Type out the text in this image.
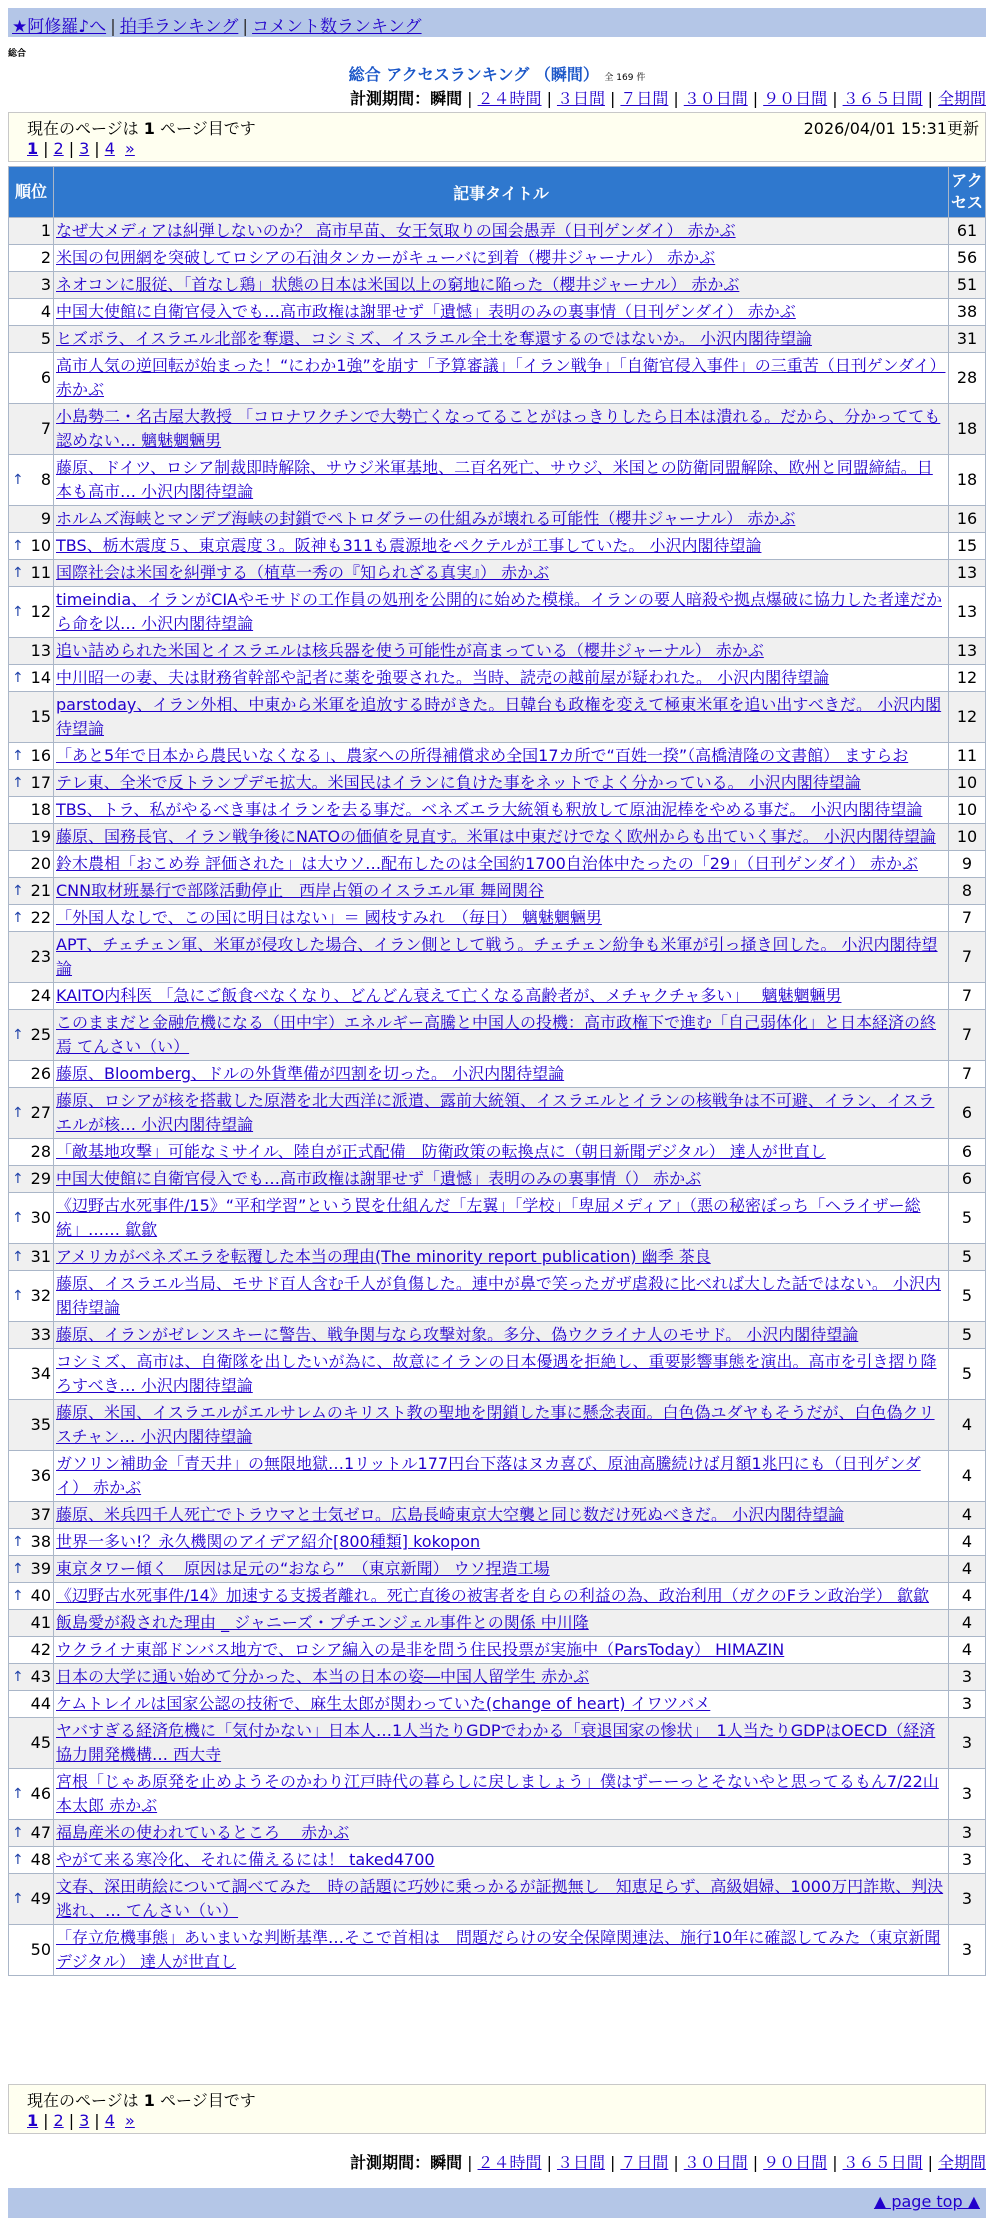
★阿修羅♪へ | 拍手ランキング | コメント数ランキング
総合
総合 アクセスランキング （瞬間） 全 169 件
計測期間：瞬間 | ２４時間 | ３日間 | ７日間 | ３０日間 | ９０日間 | ３６５日間 | 全期間
現在のページは 1 ページ目です	2026/04/01 15:31更新
1 | 2 | 3 | 4 »
順位	記事タイトル	アクセス
1	なぜ大メディアは糾弾しないのか？ 高市早苗、女王気取りの国会愚弄（日刊ゲンダイ） 赤かぶ	61
2	米国の包囲網を突破してロシアの石油タンカーがキューバに到着（櫻井ジャーナル） 赤かぶ	56
3	ネオコンに服従、「首なし鶏」状態の日本は米国以上の窮地に陥った（櫻井ジャーナル） 赤かぶ	51
4	中国大使館に自衛官侵入でも…高市政権は謝罪せず「遺憾」表明のみの裏事情（日刊ゲンダイ） 赤かぶ	38
5	ヒズボラ、イスラエル北部を奪還、コシミズ、イスラエル全土を奪還するのではないか。 小沢内閣待望論	31
6	高市人気の逆回転が始まった！“にわか1強”を崩す「予算審議」「イラン戦争」「自衛官侵入事件」の三重苦（日刊ゲンダイ） 赤かぶ	28
7	小島勢二・名古屋大教授 「コロナワクチンで大勢亡くなってることがはっきりしたら日本は潰れる。だから、分かってても認めない… 魑魅魍魎男	18

↑ 8	藤原、ドイツ、ロシア制裁即時解除、サウジ米軍基地、二百名死亡、サウジ、米国との防衛同盟解除、欧州と同盟締結。日本も高市… 小沢内閣待望論	18
9	ホルムズ海峡とマンデブ海峡の封鎖でペトロダラーの仕組みが壊れる可能性（櫻井ジャーナル） 赤かぶ	16

↑ 10	TBS、栃木震度５、東京震度３。阪神も311も震源地をペクテルが工事していた。 小沢内閣待望論	15

↑ 11	国際社会は米国を糾弾する（植草一秀の『知られざる真実』） 赤かぶ	13

↑ 12	timeindia、イランがCIAやモサドの工作員の処刑を公開的に始めた模様。イランの要人暗殺や拠点爆破に協力した者達だから命を以… 小沢内閣待望論	13
13	追い詰められた米国とイスラエルは核兵器を使う可能性が高まっている（櫻井ジャーナル） 赤かぶ	13

↑ 14	中川昭一の妻、夫は財務省幹部や記者に薬を強要された。当時、読売の越前屋が疑われた。 小沢内閣待望論	12
15	parstoday、イラン外相、中東から米軍を追放する時がきた。日韓台も政権を変えて極東米軍を追い出すべきだ。 小沢内閣待望論	12

↑ 16	「あと5年で日本から農民いなくなる」、農家への所得補償求め全国17カ所で“百姓一揆”（高橋清隆の文書館） ますらお	11

↑ 17	テレ東、全米で反トランプデモ拡大。米国民はイランに負けた事をネットでよく分かっている。 小沢内閣待望論	10
18	TBS、トラ、私がやるべき事はイランを去る事だ。ベネズエラ大統領も釈放して原油泥棒をやめる事だ。 小沢内閣待望論	10
19	藤原、国務長官、イラン戦争後にNATOの価値を見直す。米軍は中東だけでなく欧州からも出ていく事だ。 小沢内閣待望論	10
20	鈴木農相「おこめ券 評価された」は大ウソ…配布したのは全国約1700自治体中たったの「29」（日刊ゲンダイ） 赤かぶ	9

↑ 21	CNN取材班暴行で部隊活動停止　西岸占領のイスラエル軍 舞岡関谷	8

↑ 22	「外国人なしで、この国に明日はない」＝ 國枝すみれ　（毎日） 魑魅魍魎男	7
23	APT、チェチェン軍、米軍が侵攻した場合、イラン側として戦う。チェチェン紛争も米軍が引っ掻き回した。 小沢内閣待望論	7
24	KAITO内科医 「急にご飯食べなくなり、どんどん衰えて亡くなる高齢者が、メチャクチャ多い」　 魑魅魍魎男	7

↑ 25	このままだと金融危機になる（田中宇）エネルギー高騰と中国人の投機：高市政権下で進む「自己弱体化」と日本経済の終焉 てんさい（い）	7
26	藤原、Bloomberg、ドルの外貨準備が四割を切った。 小沢内閣待望論	7

↑ 27	藤原、ロシアが核を搭載した原潜を北大西洋に派遣、露前大統領、イスラエルとイランの核戦争は不可避、イラン、イスラエルが核… 小沢内閣待望論	6
28	「敵基地攻撃」可能なミサイル、陸自が正式配備　防衛政策の転換点に（朝日新聞デジタル） 達人が世直し	6

↑ 29	中国大使館に自衛官侵入でも…高市政権は謝罪せず「遺憾」表明のみの裏事情（） 赤かぶ	6

↑ 30	《辺野古水死事件/15》“平和学習”という罠を仕組んだ「左翼」「学校」「卑屈メディア」（悪の秘密ぼっち「ヘライザー総統」…… 歙歙	5

↑ 31	アメリカがベネズエラを転覆した本当の理由(The minority report publication) 幽季 茶良	5

↑ 32	藤原、イスラエル当局、モサド百人含む千人が負傷した。連中が鼻で笑ったガザ虐殺に比べれば大した話ではない。 小沢内閣待望論	5
33	藤原、イランがゼレンスキーに警告、戦争関与なら攻撃対象。多分、偽ウクライナ人のモサド。 小沢内閣待望論	5
34	コシミズ、高市は、自衛隊を出したいが為に、故意にイランの日本優遇を拒絶し、重要影響事態を演出。高市を引き摺り降ろすべき… 小沢内閣待望論	5
35	藤原、米国、イスラエルがエルサレムのキリスト教の聖地を閉鎖した事に懸念表面。白色偽ユダヤもそうだが、白色偽クリスチャン… 小沢内閣待望論	4
36	ガソリン補助金「青天井」の無限地獄…1リットル177円台下落はヌカ喜び、原油高騰続けば月額1兆円にも（日刊ゲンダイ） 赤かぶ	4
37	藤原、米兵四千人死亡でトラウマと士気ゼロ。広島長崎東京大空襲と同じ数だけ死ぬべきだ。 小沢内閣待望論	4

↑ 38	世界一多い!？永久機関のアイデア紹介[800種類] kokopon	4

↑ 39	東京タワー傾く　原因は足元の“おなら”　（東京新聞） ウソ捏造工場	4

↑ 40	《辺野古水死事件/14》加速する支援者離れ。死亡直後の被害者を自らの利益の為、政治利用（ガクのFラン政治学） 歙歙	4
41	飯島愛が殺された理由 _ ジャニーズ・プチエンジェル事件との関係 中川隆	4
42	ウクライナ東部ドンバス地方で、ロシア編入の是非を問う住民投票が実施中（ParsToday） HIMAZIN	4

↑ 43	日本の大学に通い始めて分かった、本当の日本の姿―中国人留学生 赤かぶ	3
44	ケムトレイルは国家公認の技術で、麻生太郎が関わっていた(change of heart) イワツバメ	3
45	ヤバすぎる経済危機に「気付かない」日本人…1人当たりGDPでわかる「衰退国家の惨状」　1人当たりGDPはOECD（経済協力開発機構… 西大寺	3

↑ 46	宮根「じゃあ原発を止めようそのかわり江戸時代の暮らしに戻しましょう」僕はずーーっとそないやと思ってるもん7/22山本太郎 赤かぶ	3

↑ 47	福島産米の使われているところ　 赤かぶ	3

↑ 48	やがて来る寒冷化、それに備えるには！ taked4700	3

↑ 49	文春、深田萌絵について調べてみた　時の話題に巧妙に乗っかるが証拠無し　知恵足らず、高級娼婦、1000万円詐欺、判決逃れ、… てんさい（い）	3
50	「存立危機事態」あいまいな判断基準…そこで首相は　問題だらけの安全保障関連法、施行10年に確認してみた（東京新聞デジタル） 達人が世直し	3
現在のページは 1 ページ目です
1 | 2 | 3 | 4 »
計測期間：瞬間 | ２４時間 | ３日間 | ７日間 | ３０日間 | ９０日間 | ３６５日間 | 全期間
▲ page top ▲
